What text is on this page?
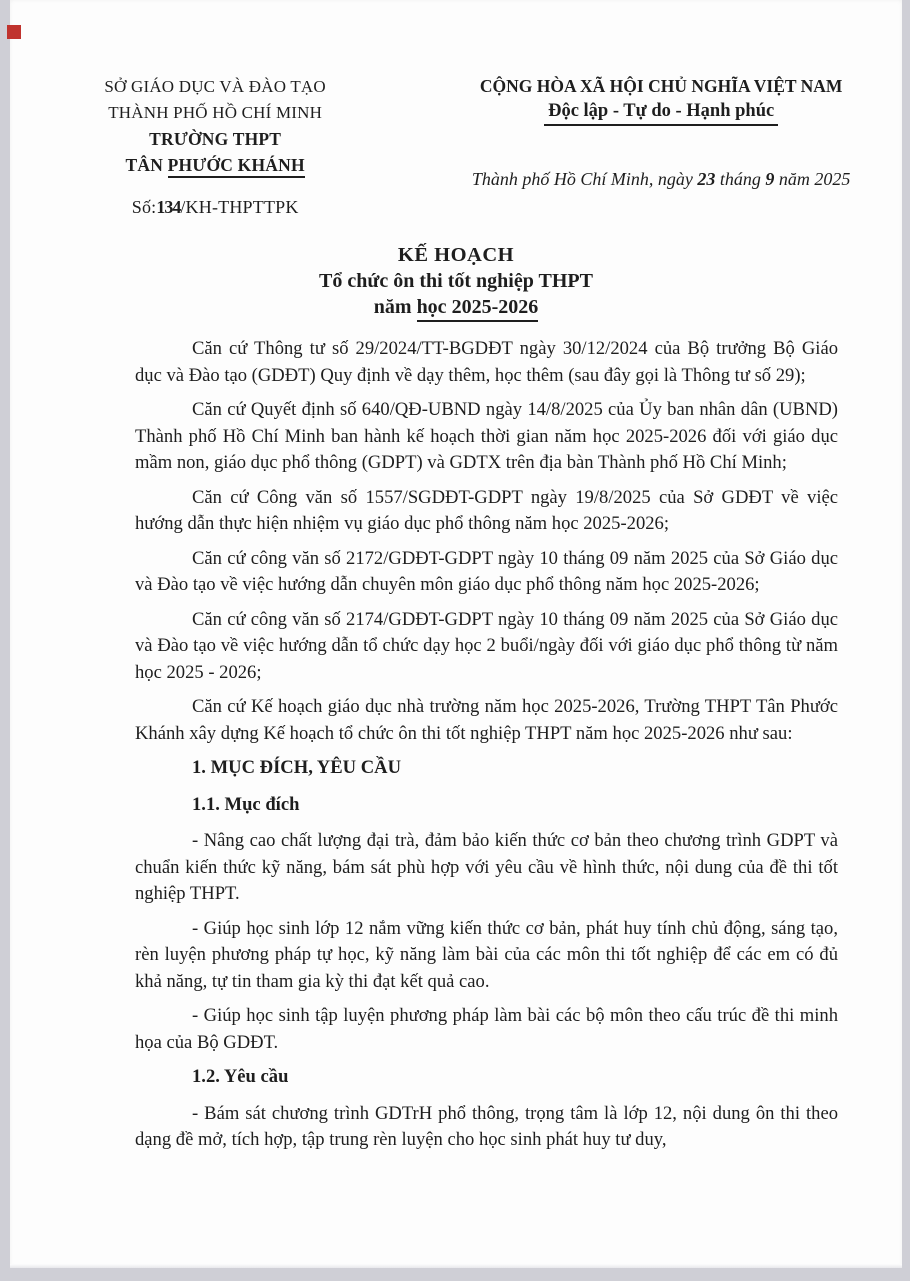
SỞ GIÁO DỤC VÀ ĐÀO TẠO
THÀNH PHỐ HỒ CHÍ MINH
TRƯỜNG THPT
TÂN PHƯỚC KHÁNH
Số:134/KH-THPTTPK
CỘNG HÒA XÃ HỘI CHỦ NGHĨA VIỆT NAM
Độc lập - Tự do - Hạnh phúc
Thành phố Hồ Chí Minh, ngày 23 tháng 9 năm 2025
KẾ HOẠCH
Tổ chức ôn thi tốt nghiệp THPT
năm học 2025-2026

Căn cứ Thông tư số 29/2024/TT-BGDĐT ngày 30/12/2024 của Bộ trưởng Bộ Giáo dục và Đào tạo (GDĐT) Quy định về dạy thêm, học thêm (sau đây gọi là Thông tư số 29);

Căn cứ Quyết định số 640/QĐ-UBND ngày 14/8/2025 của Ủy ban nhân dân (UBND) Thành phố Hồ Chí Minh ban hành kế hoạch thời gian năm học 2025-2026 đối với giáo dục mầm non, giáo dục phổ thông (GDPT) và GDTX trên địa bàn Thành phố Hồ Chí Minh;

Căn cứ Công văn số 1557/SGDĐT-GDPT ngày 19/8/2025 của Sở GDĐT về việc hướng dẫn thực hiện nhiệm vụ giáo dục phổ thông năm học 2025-2026;

Căn cứ công văn số 2172/GDĐT-GDPT ngày 10 tháng 09 năm 2025 của Sở Giáo dục và Đào tạo về việc hướng dẫn chuyên môn giáo dục phổ thông năm học 2025-2026;

Căn cứ công văn số 2174/GDĐT-GDPT ngày 10 tháng 09 năm 2025 của Sở Giáo dục và Đào tạo về việc hướng dẫn tổ chức dạy học 2 buổi/ngày đối với giáo dục phổ thông từ năm học 2025 - 2026;

Căn cứ Kế hoạch giáo dục nhà trường năm học 2025-2026, Trường THPT Tân Phước Khánh xây dựng Kế hoạch tổ chức ôn thi tốt nghiệp THPT năm học 2025-2026 như sau:

1. MỤC ĐÍCH, YÊU CẦU
1.1. Mục đích

- Nâng cao chất lượng đại trà, đảm bảo kiến thức cơ bản theo chương trình GDPT và chuẩn kiến thức kỹ năng, bám sát phù hợp với yêu cầu về hình thức, nội dung của đề thi tốt nghiệp THPT.

- Giúp học sinh lớp 12 nắm vững kiến thức cơ bản, phát huy tính chủ động, sáng tạo, rèn luyện phương pháp tự học, kỹ năng làm bài của các môn thi tốt nghiệp để các em có đủ khả năng, tự tin tham gia kỳ thi đạt kết quả cao.

- Giúp học sinh tập luyện phương pháp làm bài các bộ môn theo cấu trúc đề thi minh họa của Bộ GDĐT.

1.2. Yêu cầu

- Bám sát chương trình GDTrH phổ thông, trọng tâm là lớp 12, nội dung ôn thi theo dạng đề mở, tích hợp, tập trung rèn luyện cho học sinh phát huy tư duy,
